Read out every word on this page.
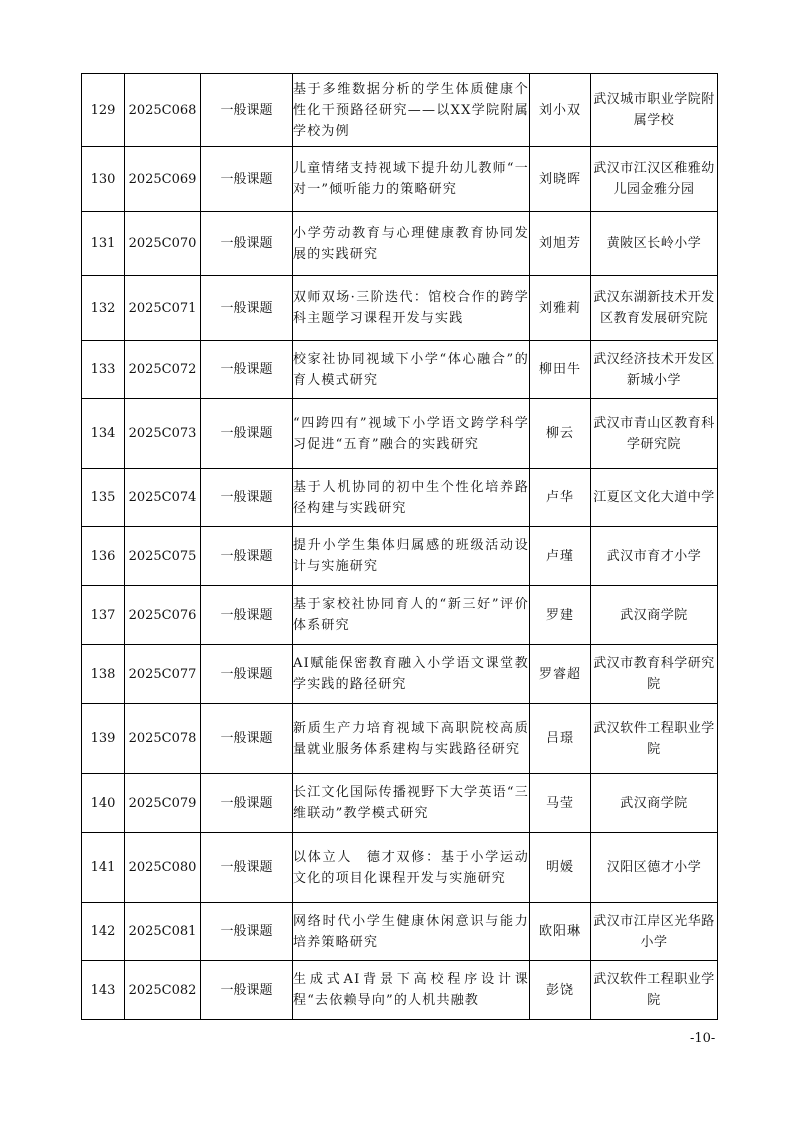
129	2025C068	一般课题	基于多维数据分析的学生体质健康个性化干预路径研究——以XX学院附属学校为例	刘小双	武汉城市职业学院附属学校
130	2025C069	一般课题	儿童情绪支持视域下提升幼儿教师“一对一”倾听能力的策略研究	刘晓晖	武汉市江汉区稚雅幼儿园金雅分园
131	2025C070	一般课题	小学劳动教育与心理健康教育协同发展的实践研究	刘旭芳	黄陂区长岭小学
132	2025C071	一般课题	双师双场·三阶迭代：馆校合作的跨学科主题学习课程开发与实践	刘雅莉	武汉东湖新技术开发区教育发展研究院
133	2025C072	一般课题	校家社协同视域下小学“体心融合”的育人模式研究	柳田牛	武汉经济技术开发区新城小学
134	2025C073	一般课题	“四跨四有”视域下小学语文跨学科学习促进“五育”融合的实践研究	柳云	武汉市青山区教育科学研究院
135	2025C074	一般课题	基于人机协同的初中生个性化培养路径构建与实践研究	卢华	江夏区文化大道中学
136	2025C075	一般课题	提升小学生集体归属感的班级活动设计与实施研究	卢瑾	武汉市育才小学
137	2025C076	一般课题	基于家校社协同育人的“新三好”评价体系研究	罗建	武汉商学院
138	2025C077	一般课题	AI赋能保密教育融入小学语文课堂教学实践的路径研究	罗睿超	武汉市教育科学研究院
139	2025C078	一般课题	新质生产力培育视域下高职院校高质量就业服务体系建构与实践路径研究	吕璟	武汉软件工程职业学院
140	2025C079	一般课题	长江文化国际传播视野下大学英语“三维联动”教学模式研究	马莹	武汉商学院
141	2025C080	一般课题	以体立人　德才双修：基于小学运动文化的项目化课程开发与实施研究	明媛	汉阳区德才小学
142	2025C081	一般课题	网络时代小学生健康休闲意识与能力培养策略研究	欧阳琳	武汉市江岸区光华路小学
143	2025C082	一般课题	生成式AI背景下高校程序设计课程“去依赖导向”的人机共融教	彭饶	武汉软件工程职业学院
-10-
